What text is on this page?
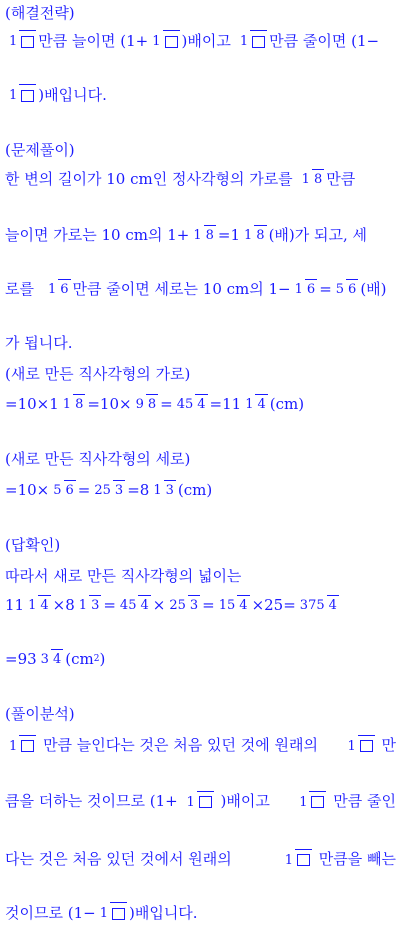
(해결전략)
1	만큼 늘이면 (1+ 1	)배이고 1	만큼 줄이면 (1−
1	)배입니다.
(문제풀이)
한 변의 길이가 10 cm인 정사각형의 가로를 1 8 만큼
늘이면 가로는 10 cm의 1+ 1 8 =1 1 8 (배)가 되고, 세
로를 1 6 만큼 줄이면 세로는 10 cm의 1− 1 6 = 5 6 (배)
가 됩니다.
(새로 만든 직사각형의 가로)
=10×1 1 8 =10× 9 8 = 45 4 =11 1 4 (cm)
(새로 만든 직사각형의 세로)
=10× 5 6 = 25 3 =8 1 3 (cm)
(답확인)
따라서 새로 만든 직사각형의 넓이는
11 1 4 ×8 1 3 = 45 4 × 25 3 = 15 4 ×25= 375 4
=93 3 4 (cm 2 )
(풀이분석)
1 만큼 늘인다는 것은 처음 있던 것에 원래의	1 만
큼을 더하는 것이므로 (1+ 1 )배이고	1 만큼 줄인
다는 것은 처음 있던 것에서 원래의	1 만큼을 빼는
것이므로 (1− 1	)배입니다.
